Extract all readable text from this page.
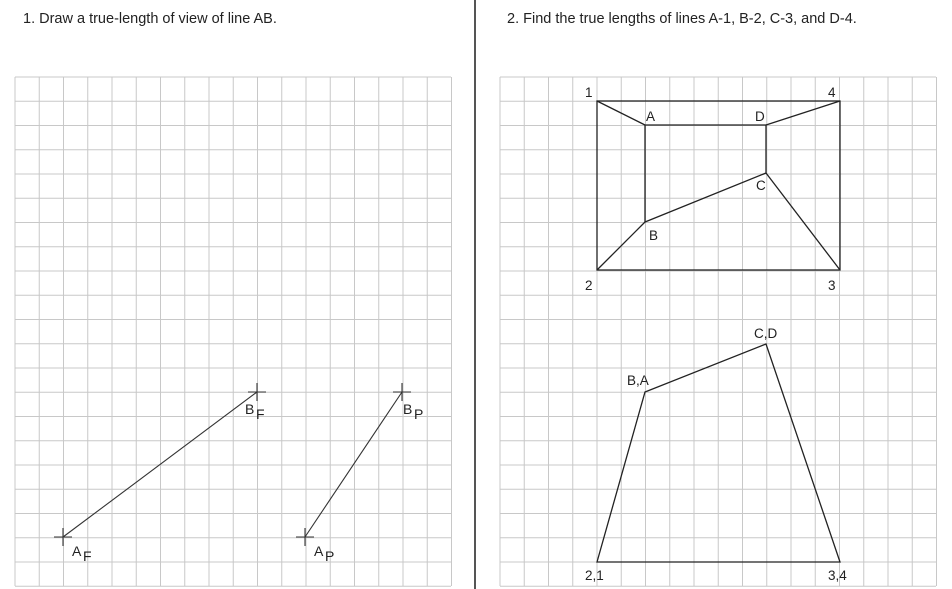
1. Draw a true-length of view of line AB.	2. Find the true lengths of lines A-1, B-2, C-3, and D-4.
A F
B F
A P
B P
1	4
2	3
A	D
C
B
C,D
B,A
2,1	3,4
